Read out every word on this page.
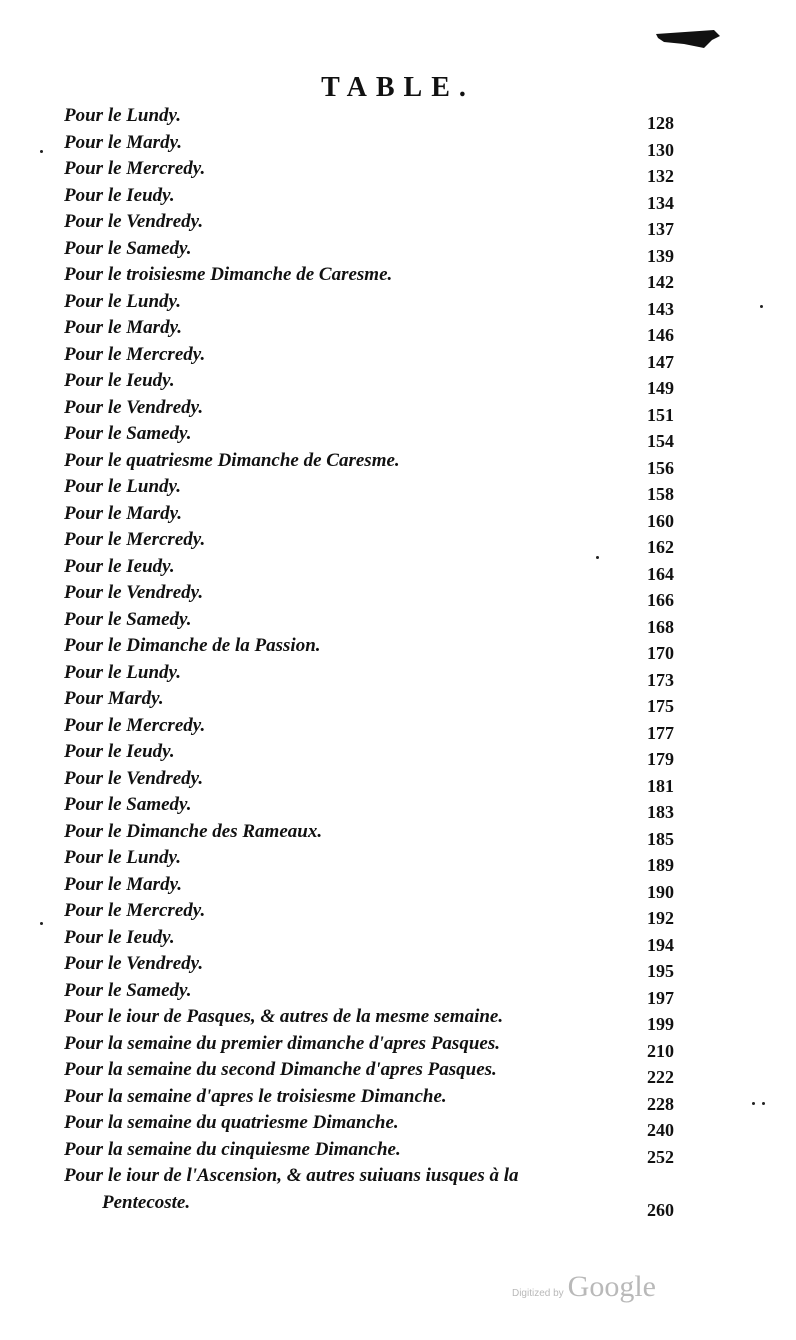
TABLE.
Pour le Lundy.	128
Pour le Mardy.	130
Pour le Mercredy.	132
Pour le Ieudy.	134
Pour le Vendredy.	137
Pour le Samedy.	139
Pour le troisiesme Dimanche de Caresme.	142
Pour le Lundy.	143
Pour le Mardy.	146
Pour le Mercredy.	147
Pour le Ieudy.	149
Pour le Vendredy.	151
Pour le Samedy.	154
Pour le quatriesme Dimanche de Caresme.	156
Pour le Lundy.	158
Pour le Mardy.	160
Pour le Mercredy.	162
Pour le Ieudy.	164
Pour le Vendredy.	166
Pour le Samedy.	168
Pour le Dimanche de la Passion.	170
Pour le Lundy.	173
Pour Mardy.	175
Pour le Mercredy.	177
Pour le Ieudy.	179
Pour le Vendredy.	181
Pour le Samedy.	183
Pour le Dimanche des Rameaux.	185
Pour le Lundy.	189
Pour le Mardy.	190
Pour le Mercredy.	192
Pour le Ieudy.	194
Pour le Vendredy.	195
Pour le Samedy.	197
Pour le iour de Pasques, & autres de la mesme semaine.	199
Pour la semaine du premier dimanche d'apres Pasques.	210
Pour la semaine du second Dimanche d'apres Pasques.	222
Pour la semaine d'apres le troisiesme Dimanche.	228
Pour la semaine du quatriesme Dimanche.	240
Pour la semaine du cinquiesme Dimanche.	252
Pour le iour de l'Ascension, & autres suiuans iusques à la
Pentecoste.	260
Digitized by Google
